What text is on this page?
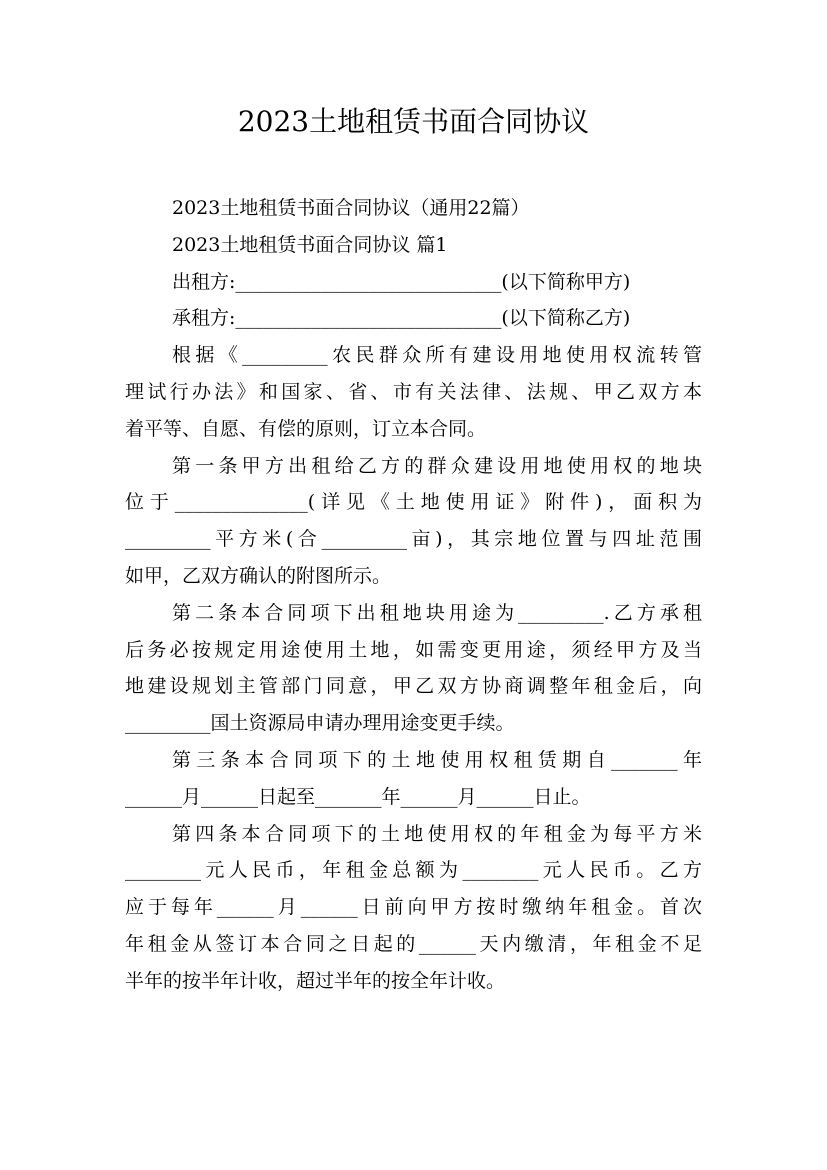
2023土地租赁书面合同协议
2023土地租赁书面合同协议（通用22篇）
2023土地租赁书面合同协议 篇1
出租方:____________________________(以下简称甲方)
承租方:____________________________(以下简称乙方)
根据《_________农民群众所有建设用地使用权流转管
理试行办法》和国家、省、市有关法律、法规、甲乙双方本
着平等、自愿、有偿的原则，订立本合同。
第一条甲方出租给乙方的群众建设用地使用权的地块
位于______________(详见《土地使用证》附件)，面积为
_________平方米(合_________亩)，其宗地位置与四址范围
如甲，乙双方确认的附图所示。
第二条本合同项下出租地块用途为_________.乙方承租
后务必按规定用途使用土地，如需变更用途，须经甲方及当
地建设规划主管部门同意，甲乙双方协商调整年租金后，向
_________国土资源局申请办理用途变更手续。
第三条本合同项下的土地使用权租赁期自_______年
______月______日起至_______年______月______日止。
第四条本合同项下的土地使用权的年租金为每平方米
________元人民币，年租金总额为________元人民币。乙方
应于每年______月______日前向甲方按时缴纳年租金。首次
年租金从签订本合同之日起的______天内缴清，年租金不足
半年的按半年计收，超过半年的按全年计收。
